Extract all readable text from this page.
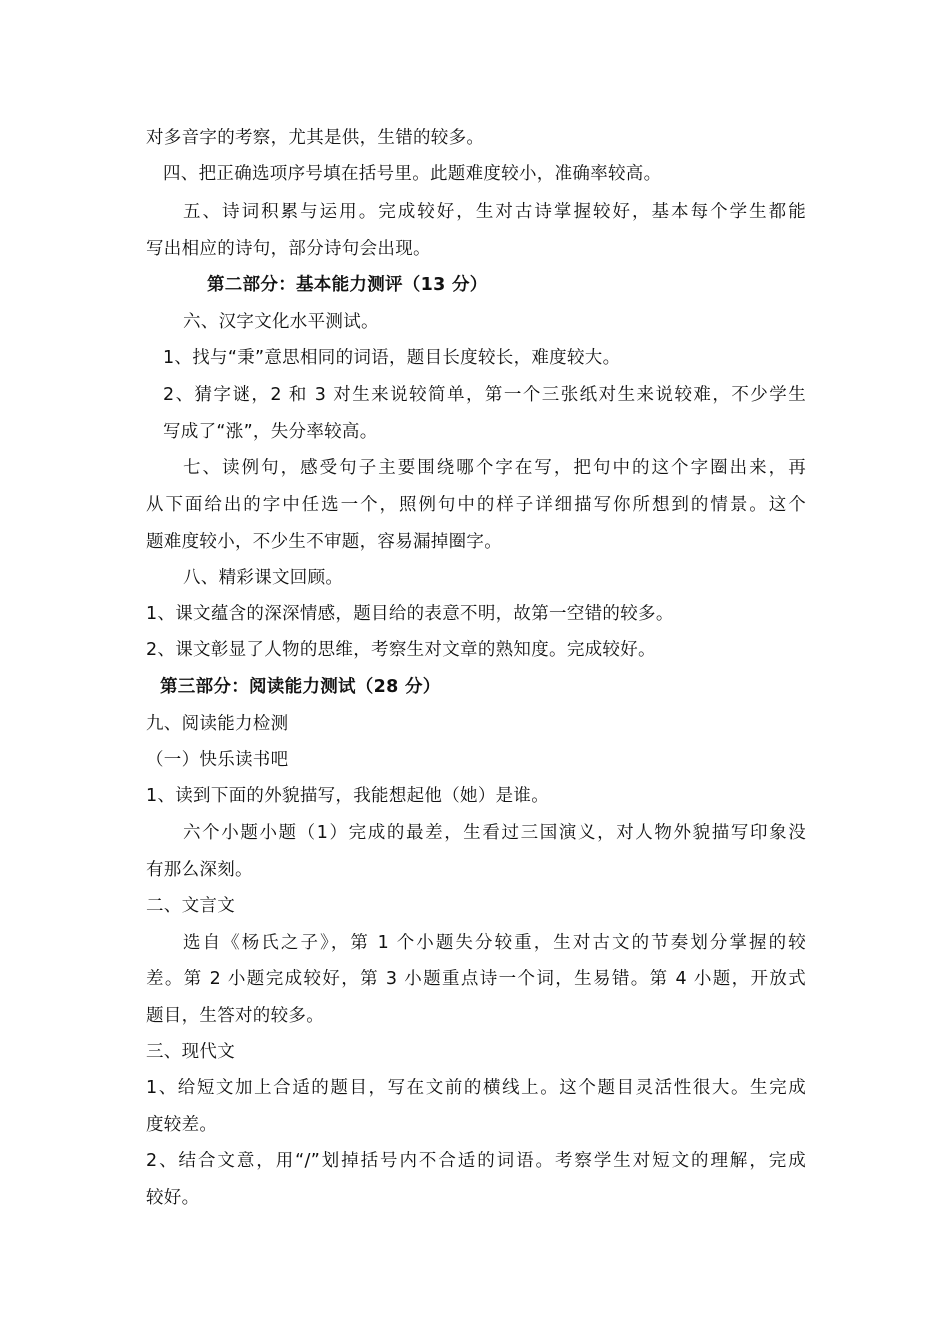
对多音字的考察，尤其是供，生错的较多。
四、把正确选项序号填在括号里。此题难度较小，准确率较高。
五、诗词积累与运用。完成较好，生对古诗掌握较好，基本每个学生都能
写出相应的诗句，部分诗句会出现。
第二部分：基本能力测评（13 分）
六、汉字文化水平测试。
1、找与“秉”意思相同的词语，题目长度较长，难度较大。
2、猜字谜，2 和 3 对生来说较简单，第一个三张纸对生来说较难，不少学生
写成了“涨”，失分率较高。
七、读例句，感受句子主要围绕哪个字在写，把句中的这个字圈出来，再
从下面给出的字中任选一个，照例句中的样子详细描写你所想到的情景。这个
题难度较小，不少生不审题，容易漏掉圈字。
八、精彩课文回顾。
1、课文蕴含的深深情感，题目给的表意不明，故第一空错的较多。
2、课文彰显了人物的思维，考察生对文章的熟知度。完成较好。
第三部分：阅读能力测试（28 分）
九、阅读能力检测
（一）快乐读书吧
1、读到下面的外貌描写，我能想起他（她）是谁。
六个小题小题（1）完成的最差，生看过三国演义，对人物外貌描写印象没
有那么深刻。
二、文言文
选自《杨氏之子》，第 1 个小题失分较重，生对古文的节奏划分掌握的较
差。第 2 小题完成较好，第 3 小题重点诗一个词，生易错。第 4 小题，开放式
题目，生答对的较多。
三、现代文
1、给短文加上合适的题目，写在文前的横线上。这个题目灵活性很大。生完成
度较差。
2、结合文意，用“/”划掉括号内不合适的词语。考察学生对短文的理解，完成
较好。
